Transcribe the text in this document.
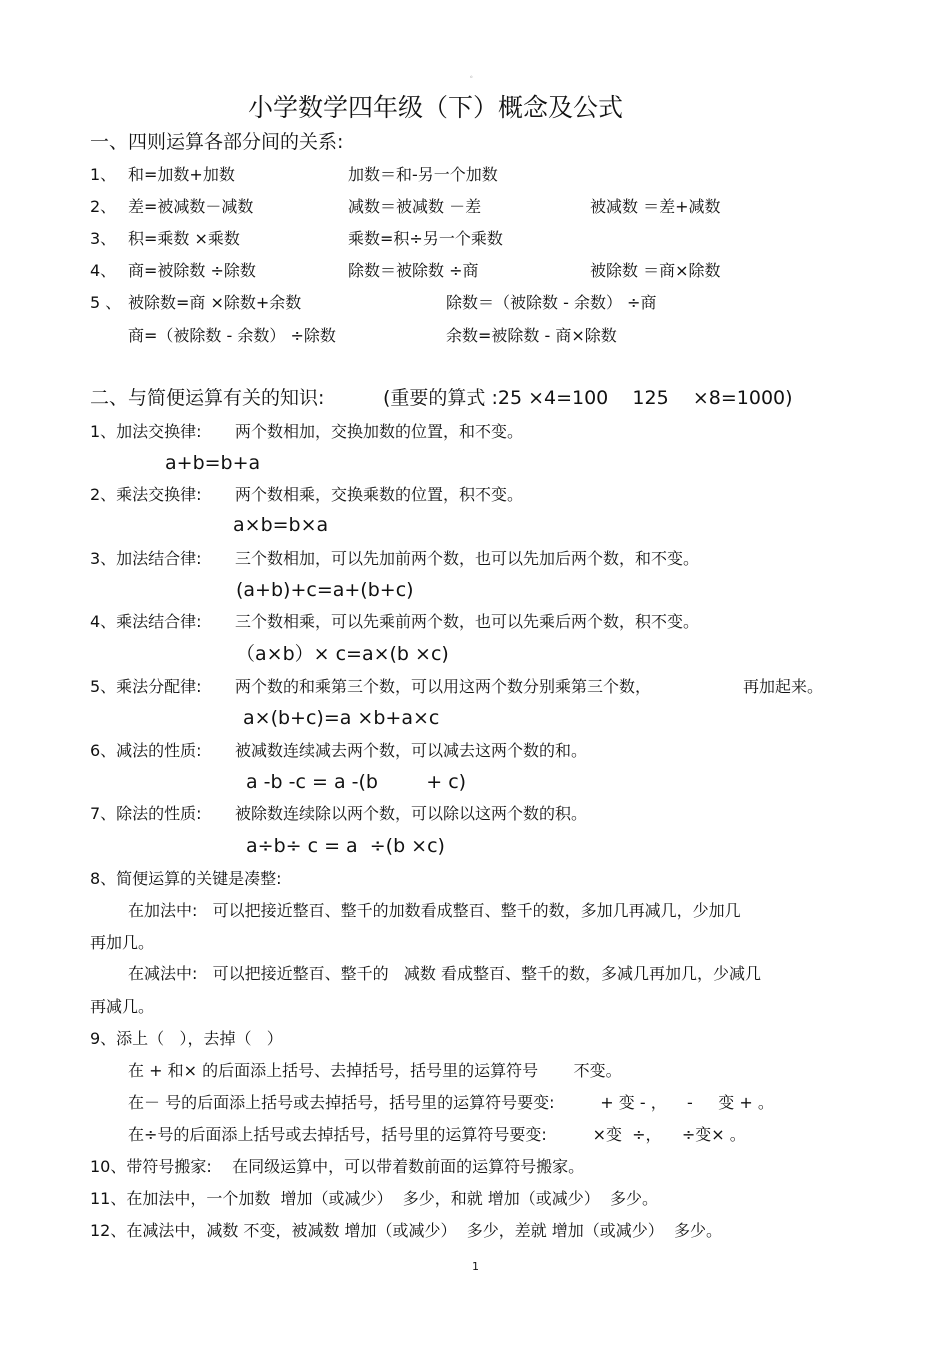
。
小学数学四年级（下）概念及公式
一、四则运算各部分间的关系:
1、 和=加数+加数	加数＝和-另一个加数
2、 差=被减数－减数	减数＝被减数 －差	被减数 ＝差+减数
3、 积=乘数 ×乘数	乘数=积÷另一个乘数
4、 商=被除数 ÷除数	除数＝被除数 ÷商	被除数 ＝商×除数
5 、 被除数=商 ×除数+余数	除数＝（被除数 - 余数） ÷商
商=（被除数 - 余数） ÷除数	余数=被除数 - 商×除数
二、与简便运算有关的知识:	(重要的算式 :25 ×4=100    125    ×8=1000)
1、加法交换律: 两个数相加，交换加数的位置，和不变。
a+b=b+a
2、乘法交换律: 两个数相乘，交换乘数的位置，积不变。
a×b=b×a
3、加法结合律: 三个数相加，可以先加前两个数，也可以先加后两个数，和不变。
(a+b)+c=a+(b+c)
4、乘法结合律: 三个数相乘，可以先乘前两个数，也可以先乘后两个数，积不变。
（a×b）× c=a×(b ×c)
5、乘法分配律: 两个数的和乘第三个数，可以用这两个数分别乘第三个数，	再加起来。
a×(b+c)=a ×b+a×c
6、减法的性质: 被减数连续减去两个数，可以减去这两个数的和。
a -b -c = a -(b        + c)
7、除法的性质: 被除数连续除以两个数，可以除以这两个数的积。
a÷b÷ c = a  ÷(b ×c)
8、简便运算的关键是凑整:
在加法中:   可以把接近整百、整千的加数看成整百、整千的数，多加几再减几，少加几
再加几。
在减法中:   可以把接近整百、整千的   减数 看成整百、整千的数，多减几再加几，少减几
再减几。
9、添上（   ），去掉（   ）
在 + 和× 的后面添上括号、去掉括号，括号里的运算符号       不变。
在－ 号的后面添上括号或去掉括号，括号里的运算符号要变:         + 变 - ，    -     变 + 。
在÷号的后面添上括号或去掉括号，括号里的运算符号要变:         ×变  ÷，    ÷变× 。
10、带符号搬家:    在同级运算中，可以带着数前面的运算符号搬家。
11、在加法中，一个加数  增加（或减少）  多少，和就 增加（或减少）  多少。
12、在减法中，减数 不变，被减数 增加（或减少）  多少，差就 增加（或减少）  多少。
1
